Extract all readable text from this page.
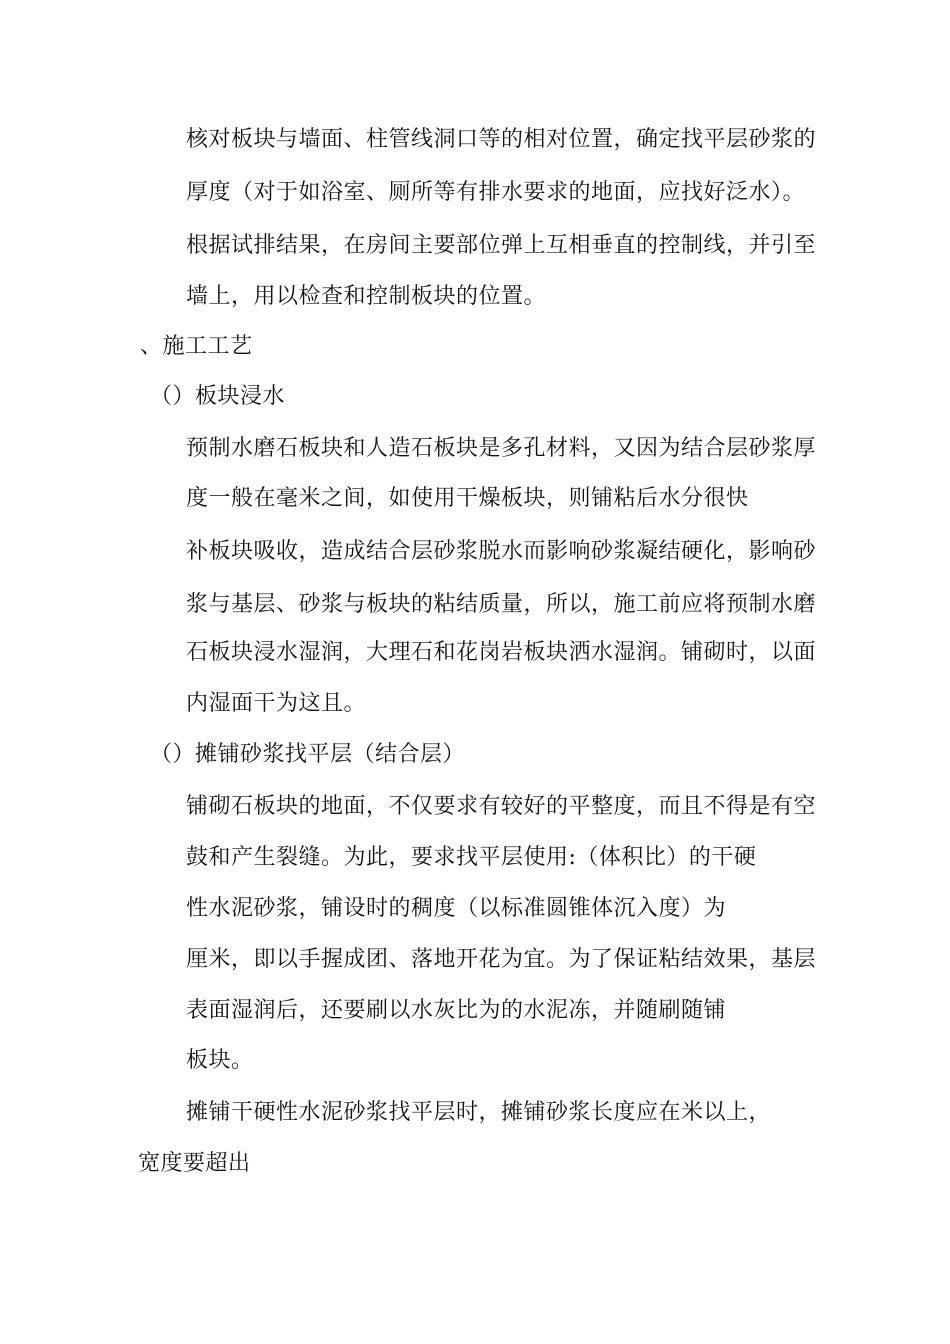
核对板块与墙面、柱管线洞口等的相对位置，确定找平层砂浆的
厚度（对于如浴室、厕所等有排水要求的地面，应找好泛水）。
根据试排结果，在房间主要部位弹上互相垂直的控制线，并引至
墙上，用以检查和控制板块的位置。
、施工工艺
（）板块浸水
预制水磨石板块和人造石板块是多孔材料，又因为结合层砂浆厚
度一般在毫米之间，如使用干燥板块，则铺粘后水分很快
补板块吸收，造成结合层砂浆脱水而影响砂浆凝结硬化，影响砂
浆与基层、砂浆与板块的粘结质量，所以，施工前应将预制水磨
石板块浸水湿润，大理石和花岗岩板块洒水湿润。铺砌时，以面
内湿面干为这且。
（）摊铺砂浆找平层（结合层）
铺砌石板块的地面，不仅要求有较好的平整度，而且不得是有空
鼓和产生裂缝。为此，要求找平层使用:（体积比）的干硬
性水泥砂浆，铺设时的稠度（以标准圆锥体沉入度）为
厘米，即以手握成团、落地开花为宜。为了保证粘结效果，基层
表面湿润后，还要刷以水灰比为的水泥冻，并随刷随铺
板块。
摊铺干硬性水泥砂浆找平层时，摊铺砂浆长度应在米以上，
宽度要超出
